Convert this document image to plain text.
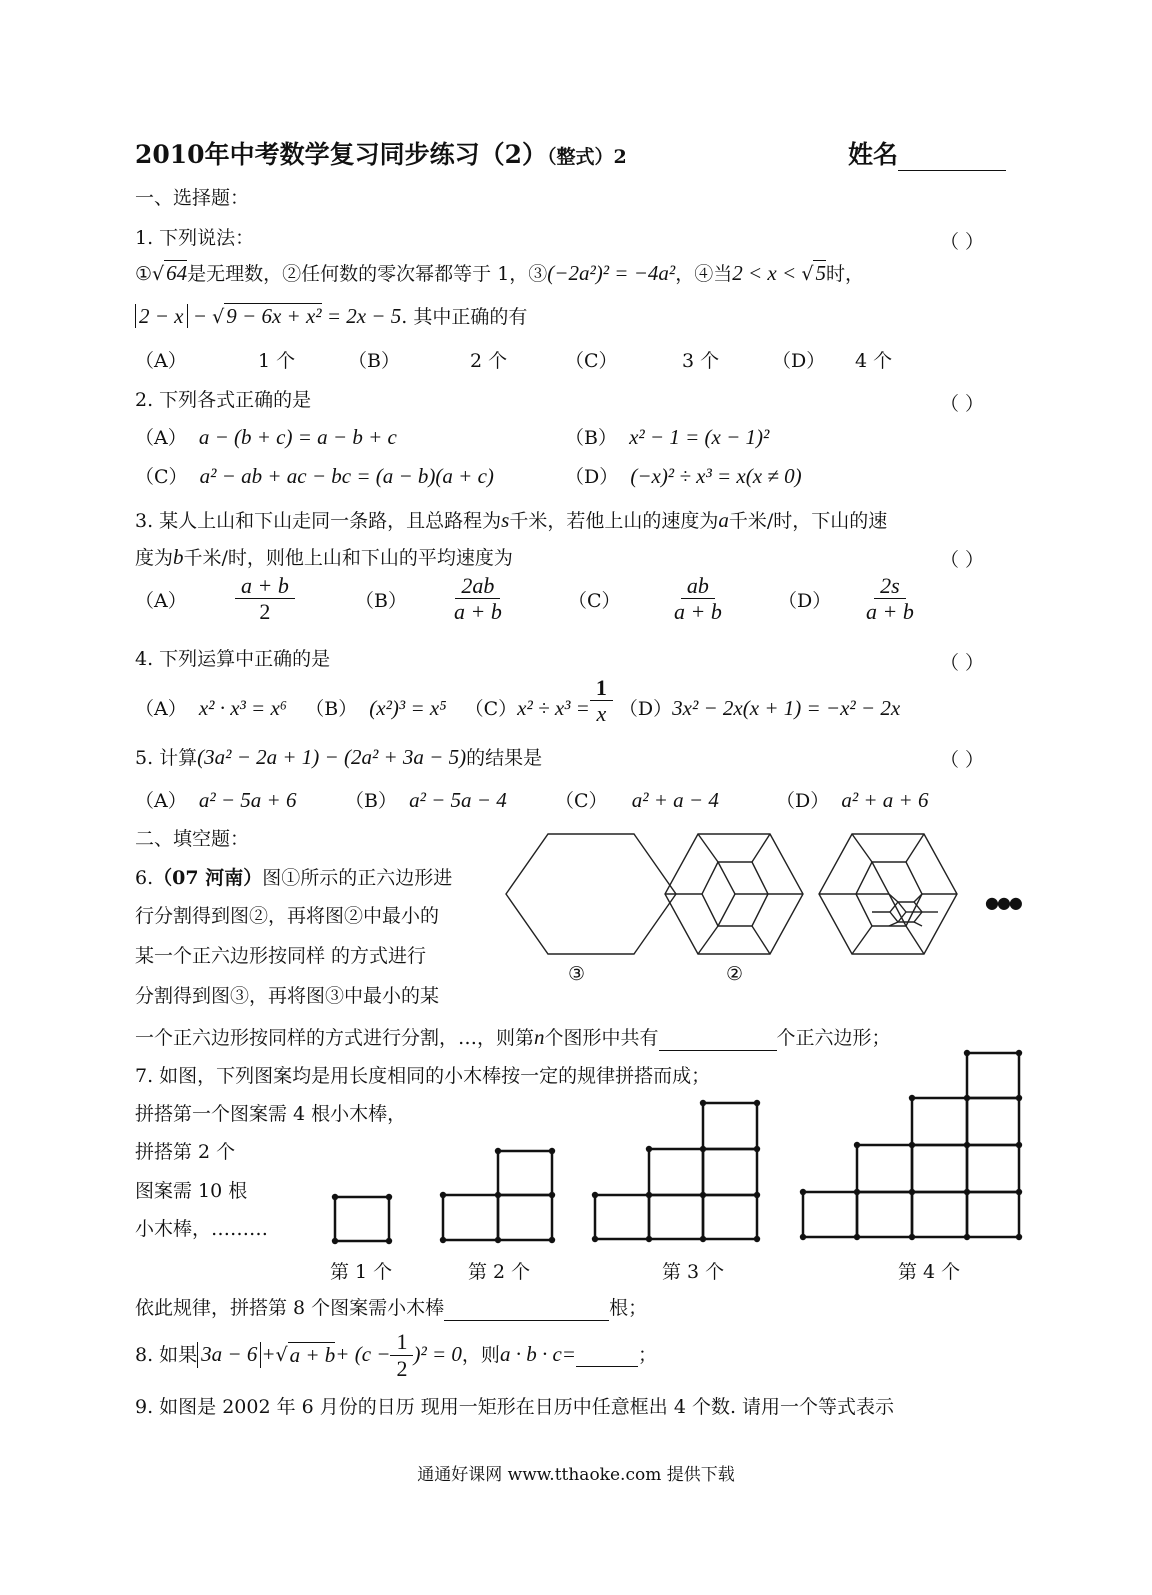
2010年中考数学复习同步练习（2）（整式）2	姓名
一、选择题：
1. 下列说法：	（ ）
①√64是无理数，②任何数的零次幂都等于 1，③(−2a²)² = −4a²，④当2 < x < √5时，
2 − x − √9 − 6x + x² = 2x − 5. 其中正确的有
（A）	1 个	（B）	2 个	（C）	3 个	（D） 4 个
2. 下列各式正确的是	（ ）
（A） a − (b + c) = a − b + c	（B） x² − 1 = (x − 1)²
（C） a² − ab + ac − bc = (a − b)(a + c)	（D） (−x)² ÷ x³ = x(x ≠ 0)
3. 某人上山和下山走同一条路，且总路程为s千米，若他上山的速度为a千米/时，下山的速
度为b千米/时，则他上山和下山的平均速度为	（ ）
$(A) \frac{a + b}{2}$	$(B) \frac{2ab}{a + b}$	$(C) \frac{ab}{a + b}$	$(D) \frac{2s}{a + b}$
4. 下列运算中正确的是	（ ）
（A） x² · x³ = x⁶ （B） (x²)³ = x⁵ $(C)x^2 \div x^3 = \frac{1}{x} (D)3x^2 - 2x(x + 1) = -x^2 - 2x$
5. 计算(3a² − 2a + 1) − (2a² + 3a − 5)的结果是	（ ）
（A） a² − 5a + 6	（B） a² − 5a − 4	（C） a² + a − 4	（D） a² + a + 6
二、填空题：
6.（07 河南）图①所示的正六边形进
行分割得到图②，再将图②中最小的
某一个正六边形按同样 的方式进行
分割得到图③，再将图③中最小的某
一个正六边形按同样的方式进行分割，…，则第n个图形中共有	个正六边形；
③	②
●●●
7. 如图，下列图案均是用长度相同的小木棒按一定的规律拼搭而成；
拼搭第一个图案需 4 根小木棒，
拼搭第 2 个
图案需 10 根
小木棒，………
第 1 个	第 2 个	第 3 个	第 4 个
依此规律，拼搭第 8 个图案需小木棒	根；
8. 如果 3a − 6 + √ $a + b + (c - \frac{1}{2} )^2 = 0$ ，则 a · b · c =
	；
9. 如图是 2002 年 6 月份的日历 现用一矩形在日历中任意框出 4 个数. 请用一个等式表示
通通好课网 www.tthaoke.com 提供下载
